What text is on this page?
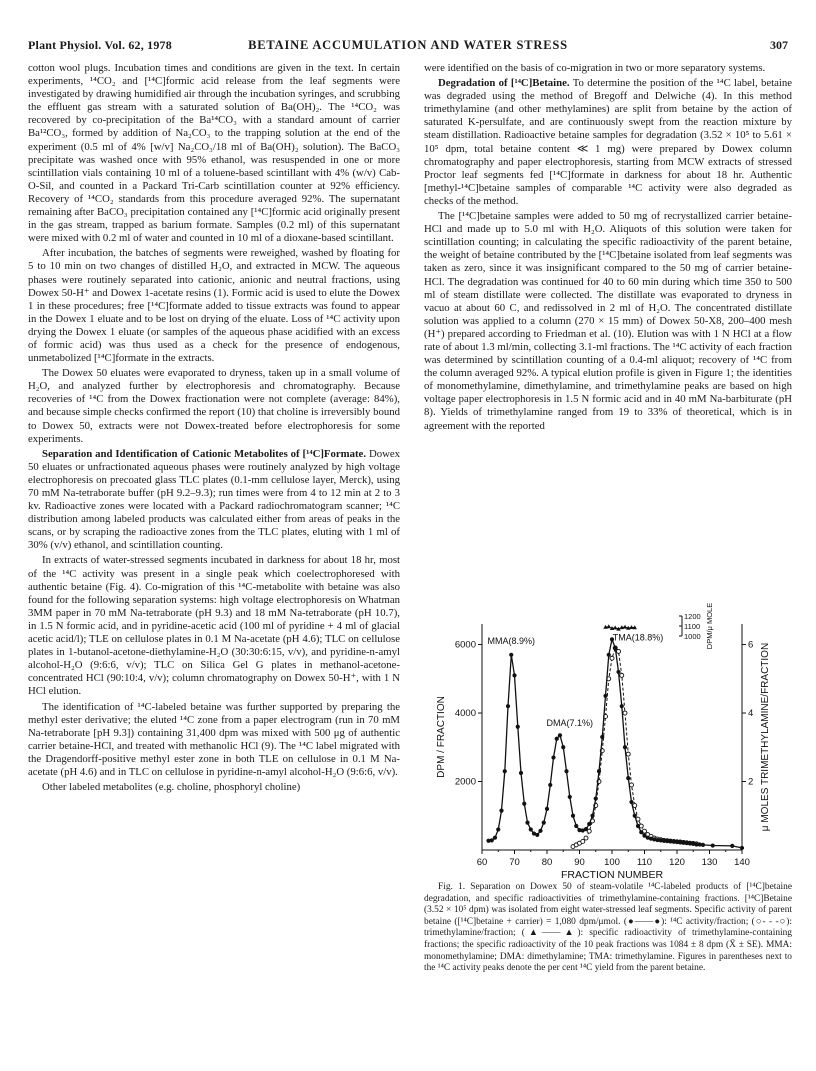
Plant Physiol. Vol. 62, 1978	BETAINE ACCUMULATION AND WATER STRESS	307

cotton wool plugs. Incubation times and conditions are given in the text. In certain experiments, ¹⁴CO₂ and [¹⁴C]formic acid release from the leaf segments were investigated by drawing humidified air through the incubation syringes, and scrubbing the effluent gas stream with a saturated solution of Ba(OH)₂. The ¹⁴CO₂ was recovered by co-precipitation of the Ba¹⁴CO₃ with a standard amount of carrier Ba¹²CO₃, formed by addition of Na₂CO₃ to the trapping solution at the end of the experiment (0.5 ml of 4% [w/v] Na₂CO₃/18 ml of Ba(OH)₂ solution). The BaCO₃ precipitate was washed once with 95% ethanol, was resuspended in one or more scintillation vials containing 10 ml of a toluene-based scintillant with 4% (w/v) Cab-O-Sil, and counted in a Packard Tri-Carb scintillation counter at 92% efficiency. Recovery of ¹⁴CO₂ standards from this procedure averaged 92%. The supernatant remaining after BaCO₃ precipitation contained any [¹⁴C]formic acid originally present in the gas stream, trapped as barium formate. Samples (0.2 ml) of this supernatant were mixed with 0.2 ml of water and counted in 10 ml of a dioxane-based scintillant.

After incubation, the batches of segments were reweighed, washed by floating for 5 to 10 min on two changes of distilled H₂O, and extracted in MCW. The aqueous phases were routinely separated into cationic, anionic and neutral fractions, using Dowex 50-H⁺ and Dowex 1-acetate resins (1). Formic acid is used to elute the Dowex 1 in these procedures; free [¹⁴C]formate added to tissue extracts was found to appear in the Dowex 1 eluate and to be lost on drying of the eluate. Loss of ¹⁴C activity upon drying the Dowex 1 eluate (or samples of the aqueous phase acidified with an excess of formic acid) was thus used as a check for the presence of endogenous, unmetabolized [¹⁴C]formate in the extracts.

The Dowex 50 eluates were evaporated to dryness, taken up in a small volume of H₂O, and analyzed further by electrophoresis and chromatography. Because recoveries of ¹⁴C from the Dowex fractionation were not complete (average: 84%), and because simple checks confirmed the report (10) that choline is irreversibly bound to Dowex 50, extracts were not Dowex-treated before electrophoresis for some experiments.

Separation and Identification of Cationic Metabolites of [¹⁴C]Formate. Dowex 50 eluates or unfractionated aqueous phases were routinely analyzed by high voltage electrophoresis on precoated glass TLC plates (0.1-mm cellulose layer, Merck), using 70 mM Na-tetraborate buffer (pH 9.2–9.3); run times were from 4 to 12 min at 2 to 3 kv. Radioactive zones were located with a Packard radiochromatogram scanner; ¹⁴C distribution among labeled products was calculated either from areas of peaks in the scans, or by scraping the radioactive zones from the TLC plates, eluting with 1 ml of 30% (v/v) ethanol, and scintillation counting.

In extracts of water-stressed segments incubated in darkness for about 18 hr, most of the ¹⁴C activity was present in a single peak which coelectrophoresed with authentic betaine (Fig. 4). Co-migration of this ¹⁴C-metabolite with betaine was also found for the following separation systems: high voltage electrophoresis on Whatman 3MM paper in 70 mM Na-tetraborate (pH 9.3) and 18 mM Na-tetraborate (pH 10.7), in 1.5 N formic acid, and in pyridine-acetic acid (100 ml of pyridine + 4 ml of glacial acetic acid/l); TLE on cellulose plates in 0.1 M Na-acetate (pH 4.6); TLC on cellulose plates in 1-butanol-acetone-diethylamine-H₂O (30:30:6:15, v/v), and pyridine-n-amyl alcohol-H₂O (9:6:6, v/v); TLC on Silica Gel G plates in methanol-acetone-concentrated HCl (90:10:4, v/v); column chromatography on Dowex 50-H⁺, with 1 N HCl elution.

The identification of ¹⁴C-labeled betaine was further supported by preparing the methyl ester derivative; the eluted ¹⁴C zone from a paper electrogram (run in 70 mM Na-tetraborate [pH 9.3]) containing 31,400 dpm was mixed with 500 μg of authentic carrier betaine-HCl, and treated with methanolic HCl (9). The ¹⁴C label migrated with the Dragendorff-positive methyl ester zone in both TLE on cellulose in 0.1 M Na-acetate (pH 4.6) and in TLC on cellulose in pyridine-n-amyl alcohol-H₂O (9:6:6, v/v).

Other labeled metabolites (e.g. choline, phosphoryl choline)

were identified on the basis of co-migration in two or more separatory systems.

Degradation of [¹⁴C]Betaine. To determine the position of the ¹⁴C label, betaine was degraded using the method of Bregoff and Delwiche (4). In this method trimethylamine (and other methylamines) are split from betaine by the action of saturated K-persulfate, and are continuously swept from the reaction mixture by steam distillation. Radioactive betaine samples for degradation (3.52 × 10⁵ to 5.61 × 10⁵ dpm, total betaine content ≪ 1 mg) were prepared by Dowex column chromatography and paper electrophoresis, starting from MCW extracts of stressed Proctor leaf segments fed [¹⁴C]formate in darkness for about 18 hr. Authentic [methyl-¹⁴C]betaine samples of comparable ¹⁴C activity were also degraded as checks of the method.

The [¹⁴C]betaine samples were added to 50 mg of recrystallized carrier betaine-HCl and made up to 5.0 ml with H₂O. Aliquots of this solution were taken for scintillation counting; in calculating the specific radioactivity of the parent betaine, the weight of betaine contributed by the [¹⁴C]betaine isolated from leaf segments was taken as zero, since it was insignificant compared to the 50 mg of carrier betaine-HCl. The degradation was continued for 40 to 60 min during which time 350 to 500 ml of steam distillate were collected. The distillate was evaporated to dryness in vacuo at about 60 C, and redissolved in 2 ml of H₂O. The concentrated distillate solution was applied to a column (270 × 15 mm) of Dowex 50-X8, 200–400 mesh (H⁺) prepared according to Friedman et al. (10). Elution was with 1 N HCl at a flow rate of about 1.3 ml/min, collecting 3.1-ml fractions. The ¹⁴C activity of each fraction was determined by scintillation counting of a 0.4-ml aliquot; recovery of ¹⁴C from the column averaged 92%. A typical elution profile is given in Figure 1; the identities of monomethylamine, dimethylamine, and trimethylamine peaks are based on high voltage paper electrophoresis in 1.5 N formic acid and in 40 mM Na-barbiturate (pH 8). Yields of trimethylamine ranged from 19 to 33% of theoretical, which is in agreement with the reported

60 70 80 90 100 110 120 130 140
2000
4000
6000
2
4
6
FRACTION NUMBER
DPM / FRACTION	μ MOLES TRIMETHYLAMINE/FRACTION
1200
1100
1000 DPM/μ MOLE
MMA(8.9%)
DMA(7.1%)
TMA(18.8%)

Fig. 1. Separation on Dowex 50 of steam-volatile ¹⁴C-labeled products of [¹⁴C]betaine degradation, and specific radioactivities of trimethylamine-containing fractions. [¹⁴C]Betaine (3.52 × 10⁵ dpm) was isolated from eight water-stressed leaf segments. Specific activity of parent betaine ([¹⁴C]betaine + carrier) = 1,080 dpm/μmol. (●——●): ¹⁴C activity/fraction; (○- - -○): trimethylamine/fraction; (▲——▲): specific radioactivity of trimethylamine-containing fractions; the specific radioactivity of the 10 peak fractions was 1084 ± 8 dpm (X̄ ± SE). MMA: monomethylamine; DMA: dimethylamine; TMA: trimethylamine. Figures in parentheses next to the ¹⁴C activity peaks denote the per cent ¹⁴C yield from the parent betaine.
